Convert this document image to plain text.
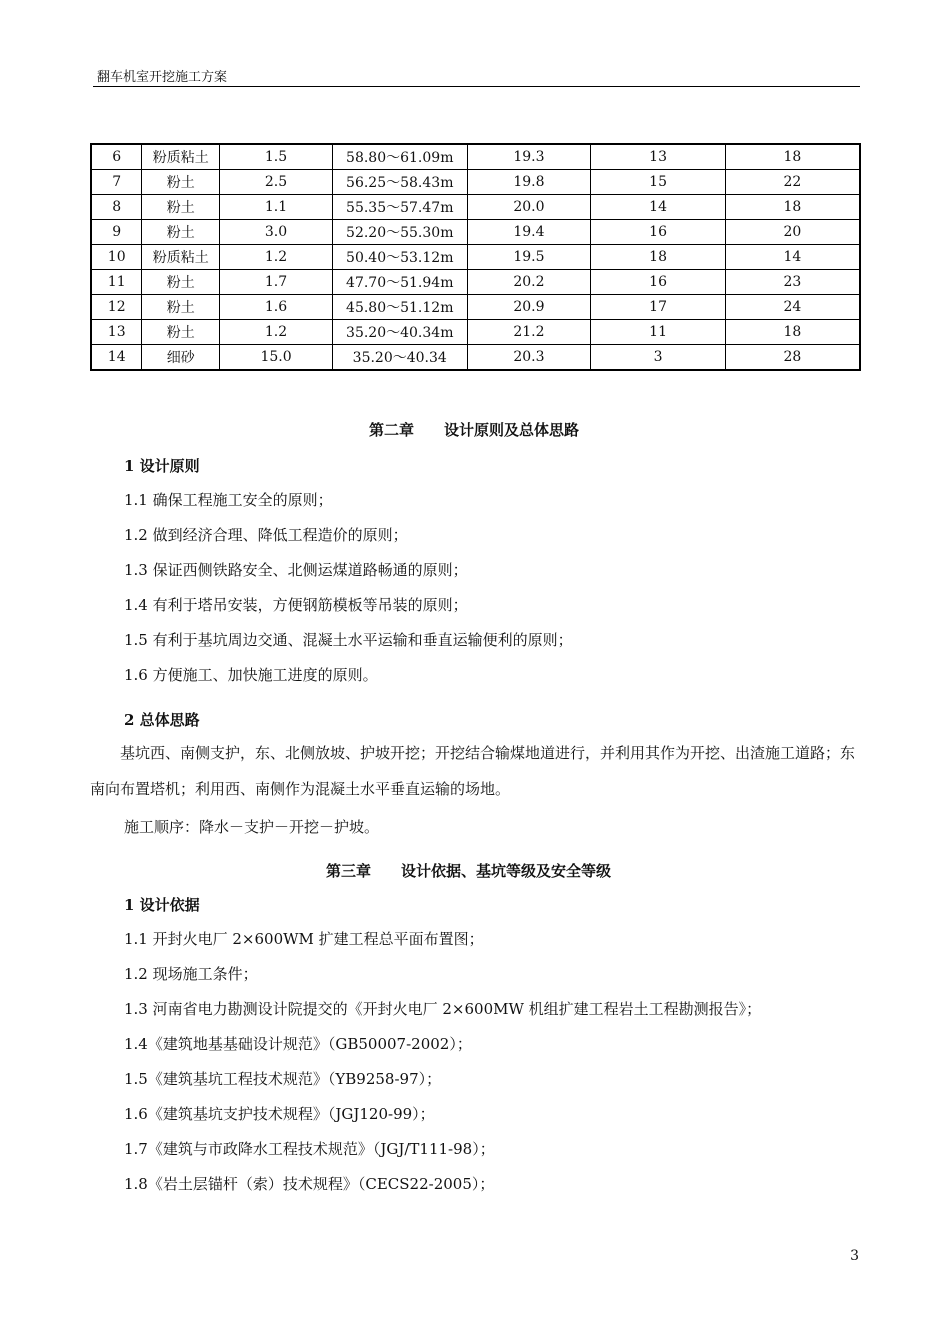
翻车机室开挖施工方案
6	粉质粘土	1.5	58.80～61.09m	19.3	13	18
7	粉土	2.5	56.25～58.43m	19.8	15	22
8	粉土	1.1	55.35～57.47m	20.0	14	18
9	粉土	3.0	52.20～55.30m	19.4	16	20
10	粉质粘土	1.2	50.40～53.12m	19.5	18	14
11	粉土	1.7	47.70～51.94m	20.2	16	23
12	粉土	1.6	45.80～51.12m	20.9	17	24
13	粉土	1.2	35.20～40.34m	21.2	11	18
14	细砂	15.0	35.20～40.34	20.3	3	28
第二章　　设计原则及总体思路
1 设计原则
1.1 确保工程施工安全的原则；
1.2 做到经济合理、降低工程造价的原则；
1.3 保证西侧铁路安全、北侧运煤道路畅通的原则；
1.4 有利于塔吊安装，方便钢筋模板等吊装的原则；
1.5 有利于基坑周边交通、混凝土水平运输和垂直运输便利的原则；
1.6 方便施工、加快施工进度的原则。
2 总体思路
基坑西、南侧支护，东、北侧放坡、护坡开挖；开挖结合输煤地道进行，并利用其作为开挖、出渣施工道路；东南向布置塔机；利用西、南侧作为混凝土水平垂直运输的场地。
施工顺序：降水－支护－开挖－护坡。
第三章　　设计依据、基坑等级及安全等级
1 设计依据
1.1 开封火电厂 2×600WM 扩建工程总平面布置图；
1.2 现场施工条件；
1.3 河南省电力勘测设计院提交的《开封火电厂 2×600MW 机组扩建工程岩土工程勘测报告》；
1.4《建筑地基基础设计规范》（GB50007-2002）；
1.5《建筑基坑工程技术规范》（YB9258-97）；
1.6《建筑基坑支护技术规程》（JGJ120-99）；
1.7《建筑与市政降水工程技术规范》（JGJ/T111-98）；
1.8《岩土层锚杆（索）技术规程》（CECS22-2005）；
3
